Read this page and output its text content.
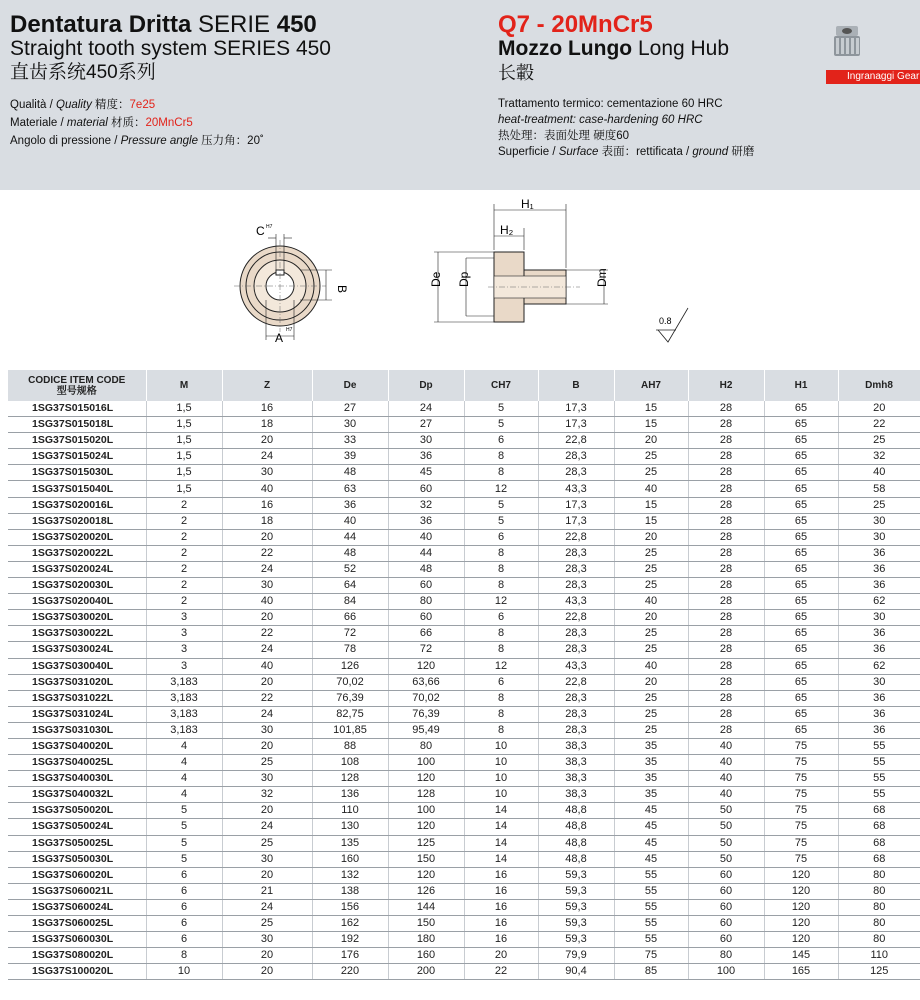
Dentatura Dritta SERIE 450
Straight tooth system SERIES 450
直齿系统450系列
Q7 - 20MnCr5
Mozzo Lungo Long Hub
长轂	Ingranaggi Gear
Qualità / Quality 精度：7e25
Materiale / material 材质：20MnCr5
Angolo di pressione / Pressure angle 压力角：20˚
Trattamento termico: cementazione 60 HRC
heat-treatment: case-hardening 60 HRC
热处理：表面处理 硬度60
Superficie / Surface 表面：rettificata / ground 研磨
C H7
B
A
H7
H₁
H₂
De Dp	Dm
0.8
CODICE ITEM CODE
型号规格	M	Z	De	Dp	CH7	B	AH7	H2	H1	Dmh8
1SG37S015016L	1,5	16	27	24	5	17,3	15	28	65	20
1SG37S015018L	1,5	18	30	27	5	17,3	15	28	65	22
1SG37S015020L	1,5	20	33	30	6	22,8	20	28	65	25
1SG37S015024L	1,5	24	39	36	8	28,3	25	28	65	32
1SG37S015030L	1,5	30	48	45	8	28,3	25	28	65	40
1SG37S015040L	1,5	40	63	60	12	43,3	40	28	65	58
1SG37S020016L	2	16	36	32	5	17,3	15	28	65	25
1SG37S020018L	2	18	40	36	5	17,3	15	28	65	30
1SG37S020020L	2	20	44	40	6	22,8	20	28	65	30
1SG37S020022L	2	22	48	44	8	28,3	25	28	65	36
1SG37S020024L	2	24	52	48	8	28,3	25	28	65	36
1SG37S020030L	2	30	64	60	8	28,3	25	28	65	36
1SG37S020040L	2	40	84	80	12	43,3	40	28	65	62
1SG37S030020L	3	20	66	60	6	22,8	20	28	65	30
1SG37S030022L	3	22	72	66	8	28,3	25	28	65	36
1SG37S030024L	3	24	78	72	8	28,3	25	28	65	36
1SG37S030040L	3	40	126	120	12	43,3	40	28	65	62
1SG37S031020L	3,183	20	70,02	63,66	6	22,8	20	28	65	30
1SG37S031022L	3,183	22	76,39	70,02	8	28,3	25	28	65	36
1SG37S031024L	3,183	24	82,75	76,39	8	28,3	25	28	65	36
1SG37S031030L	3,183	30	101,85	95,49	8	28,3	25	28	65	36
1SG37S040020L	4	20	88	80	10	38,3	35	40	75	55
1SG37S040025L	4	25	108	100	10	38,3	35	40	75	55
1SG37S040030L	4	30	128	120	10	38,3	35	40	75	55
1SG37S040032L	4	32	136	128	10	38,3	35	40	75	55
1SG37S050020L	5	20	110	100	14	48,8	45	50	75	68
1SG37S050024L	5	24	130	120	14	48,8	45	50	75	68
1SG37S050025L	5	25	135	125	14	48,8	45	50	75	68
1SG37S050030L	5	30	160	150	14	48,8	45	50	75	68
1SG37S060020L	6	20	132	120	16	59,3	55	60	120	80
1SG37S060021L	6	21	138	126	16	59,3	55	60	120	80
1SG37S060024L	6	24	156	144	16	59,3	55	60	120	80
1SG37S060025L	6	25	162	150	16	59,3	55	60	120	80
1SG37S060030L	6	30	192	180	16	59,3	55	60	120	80
1SG37S080020L	8	20	176	160	20	79,9	75	80	145	110
1SG37S100020L	10	20	220	200	22	90,4	85	100	165	125
